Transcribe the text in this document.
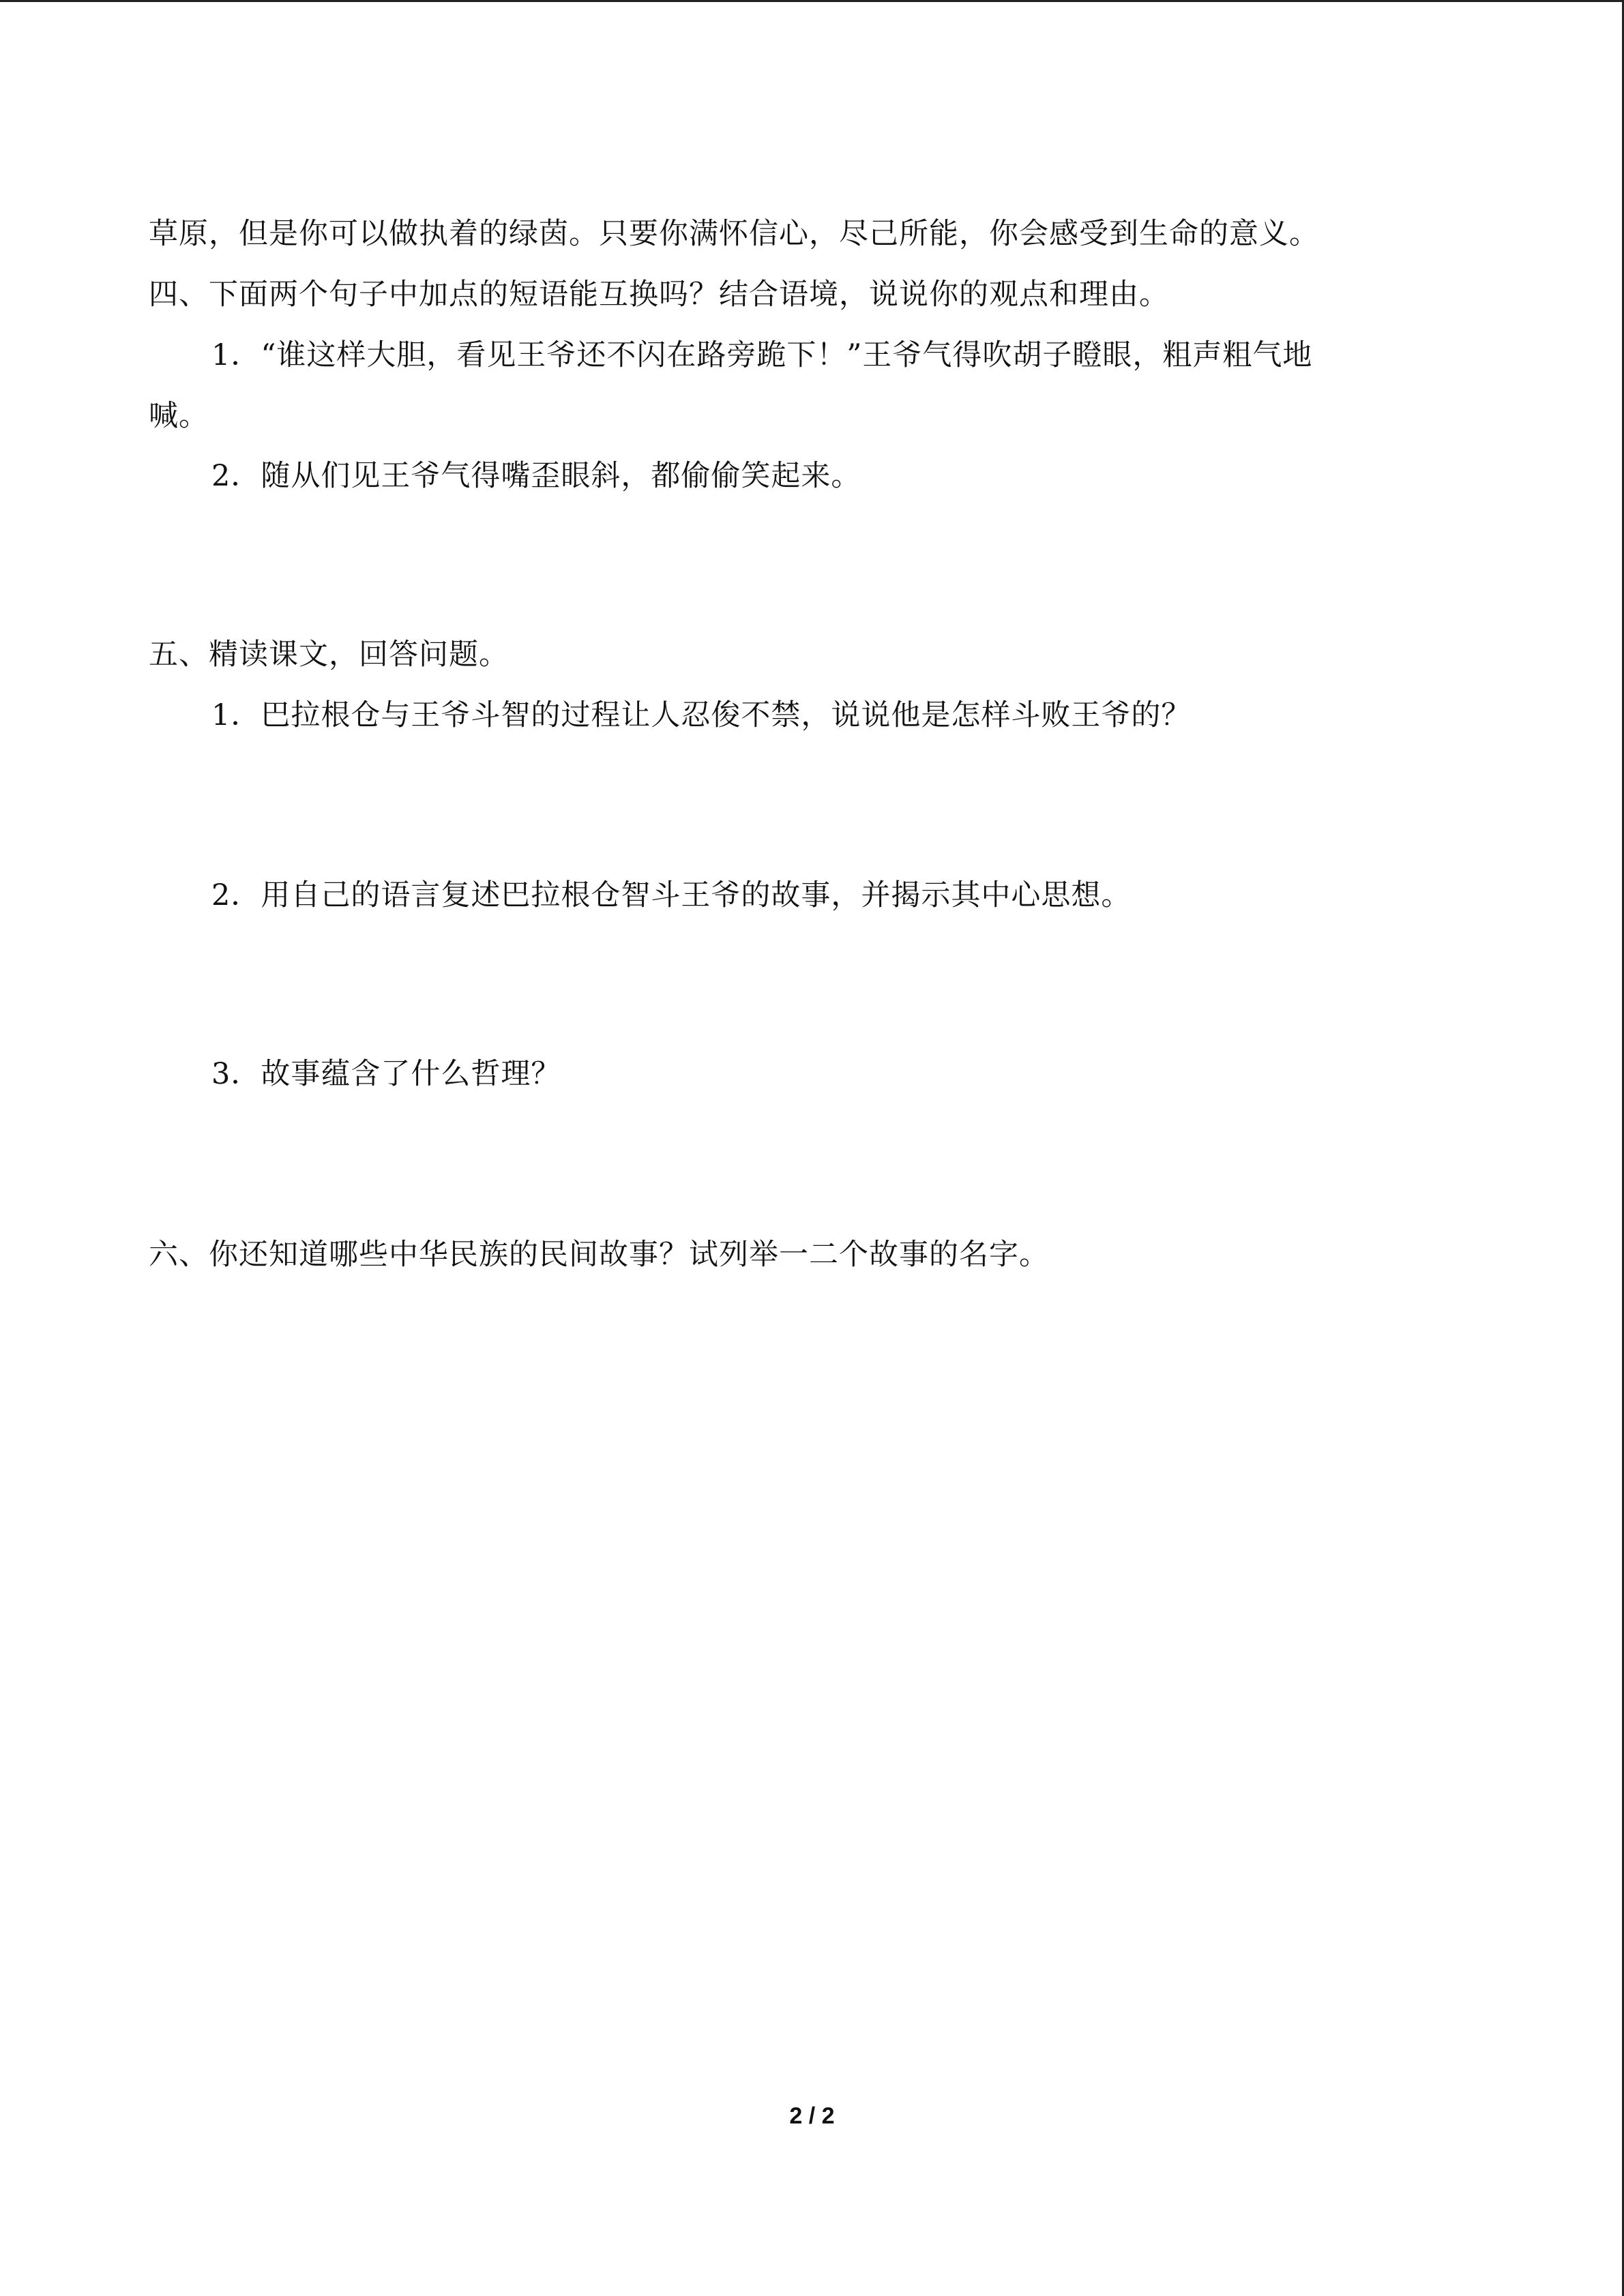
草原，但是你可以做执着的绿茵。只要你满怀信心，尽己所能，你会感受到生命的意义。
四、下面两个句子中加点的短语能互换吗？结合语境，说说你的观点和理由。
1．“谁这样大胆，看见王爷还不闪在路旁跪下！”王爷气得吹胡子瞪眼，粗声粗气地
喊。
2．随从们见王爷气得嘴歪眼斜，都偷偷笑起来。
五、精读课文，回答问题。
1．巴拉根仓与王爷斗智的过程让人忍俊不禁，说说他是怎样斗败王爷的？
2．用自己的语言复述巴拉根仓智斗王爷的故事，并揭示其中心思想。
3．故事蕴含了什么哲理？
六、你还知道哪些中华民族的民间故事？试列举一二个故事的名字。
2 / 2
